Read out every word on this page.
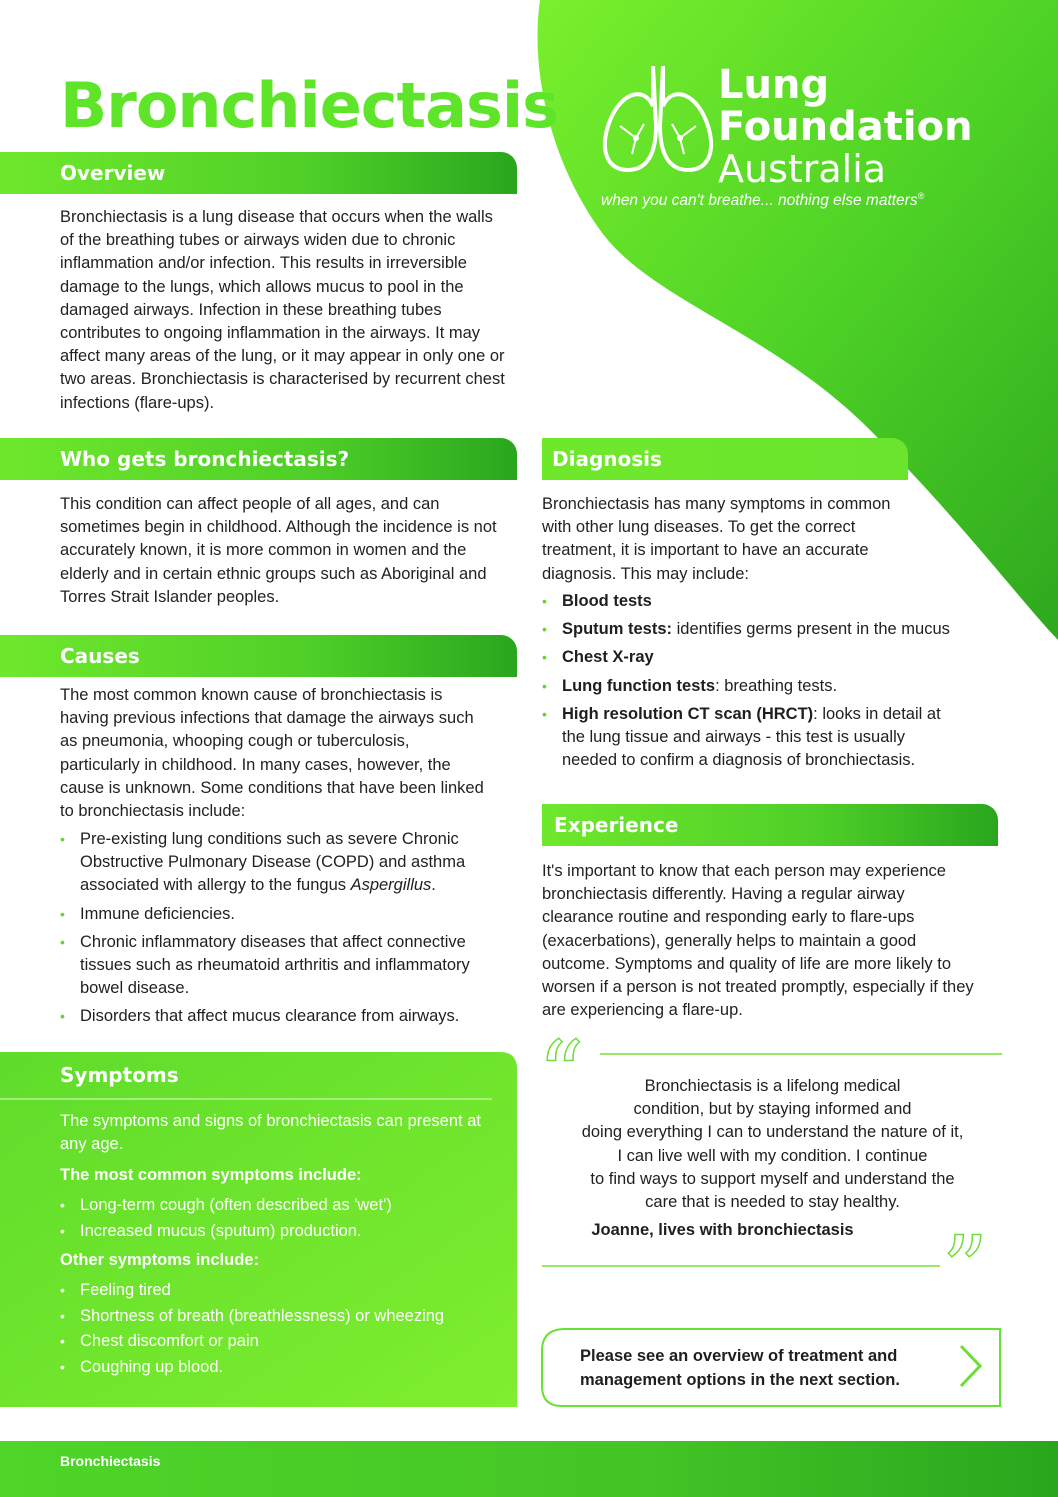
Bronchiectasis	Lung
Foundation
Australia
when you can't breathe... nothing else matters®
Overview

Bronchiectasis is a lung disease that occurs when the walls of the breathing tubes or airways widen due to chronic inflammation and/or infection. This results in irreversible damage to the lungs, which allows mucus to pool in the damaged airways. Infection in these breathing tubes contributes to ongoing inflammation in the airways. It may affect many areas of the lung, or it may appear in only one or two areas. Bronchiectasis is characterised by recurrent chest infections (flare-ups).

Who gets bronchiectasis?

This condition can affect people of all ages, and can sometimes begin in childhood. Although the incidence is not accurately known, it is more common in women and the elderly and in certain ethnic groups such as Aboriginal and Torres Strait Islander peoples.

Causes

The most common known cause of bronchiectasis is having previous infections that damage the airways such as pneumonia, whooping cough or tuberculosis, particularly in childhood. In many cases, however, the cause is unknown. Some conditions that have been linked to bronchiectasis include:

• Pre-existing lung conditions such as severe Chronic Obstructive Pulmonary Disease (COPD) and asthma associated with allergy to the fungus Aspergillus.
• Immune deficiencies.
• Chronic inflammatory diseases that affect connective tissues such as rheumatoid arthritis and inflammatory bowel disease.
• Disorders that affect mucus clearance from airways.
Symptoms

The symptoms and signs of bronchiectasis can present at any age.

The most common symptoms include:
• Long-term cough (often described as 'wet')
• Increased mucus (sputum) production.
Other symptoms include:
• Feeling tired
• Shortness of breath (breathlessness) or wheezing
• Chest discomfort or pain
• Coughing up blood.
Diagnosis

Bronchiectasis has many symptoms in common with other lung diseases. To get the correct treatment, it is important to have an accurate diagnosis. This may include:

• Blood tests
• Sputum tests: identifies germs present in the mucus
• Chest X-ray
• Lung function tests: breathing tests.
• High resolution CT scan (HRCT): looks in detail at the lung tissue and airways - this test is usually needed to confirm a diagnosis of bronchiectasis.
Experience

It's important to know that each person may experience bronchiectasis differently. Having a regular airway clearance routine and responding early to flare-ups (exacerbations), generally helps to maintain a good outcome. Symptoms and quality of life are more likely to worsen if a person is not treated promptly, especially if they are experiencing a flare-up.

“	Bronchiectasis is a lifelong medical
condition, but by staying informed and
doing everything I can to understand the nature of it,
I can live well with my condition. I continue
to find ways to support myself and understand the
care that is needed to stay healthy.
Joanne, lives with bronchiectasis ”
Please see an overview of treatment and
management options in the next section.
Bronchiectasis
